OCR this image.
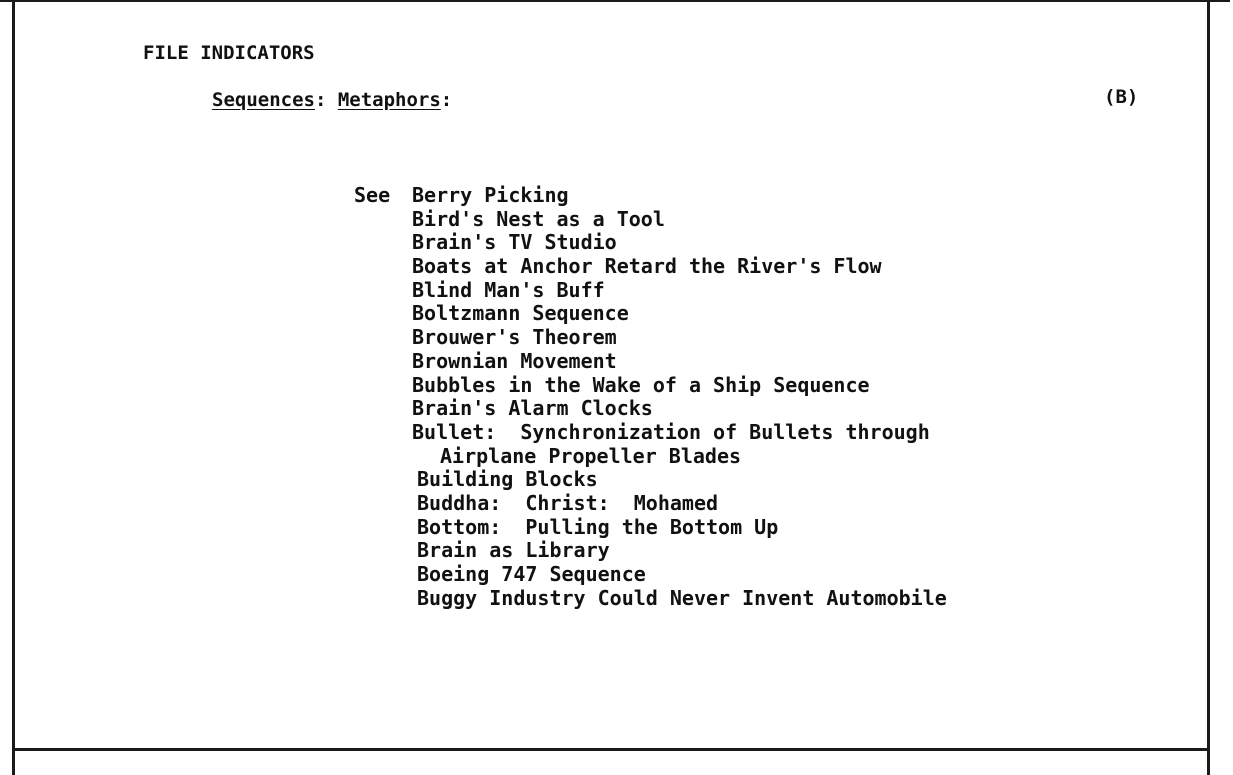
FILE INDICATORS
Sequences: Metaphors:	(B)
See Berry Picking
Bird's Nest as a Tool
Brain's TV Studio
Boats at Anchor Retard the River's Flow
Blind Man's Buff
Boltzmann Sequence
Brouwer's Theorem
Brownian Movement
Bubbles in the Wake of a Ship Sequence
Brain's Alarm Clocks
Bullet:  Synchronization of Bullets through
Airplane Propeller Blades
Building Blocks
Buddha:  Christ:  Mohamed
Bottom:  Pulling the Bottom Up
Brain as Library
Boeing 747 Sequence
Buggy Industry Could Never Invent Automobile
